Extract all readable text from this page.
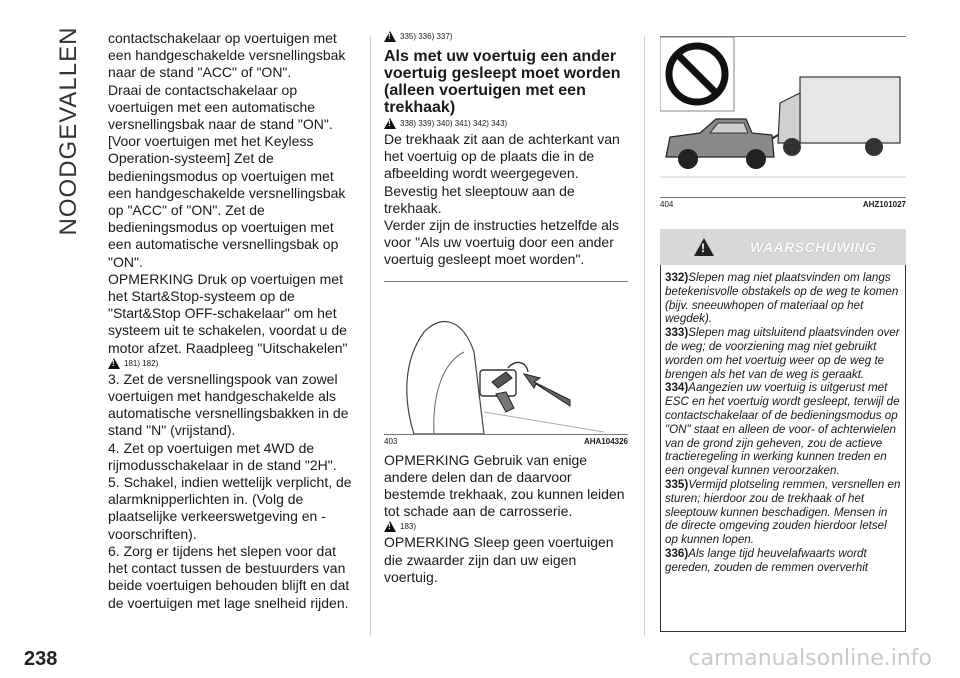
NOODGEVALLEN contactschakelaar op voertuigen met een handgeschakelde versnellingsbak naar de stand "ACC" of "ON".

Draai de contactschakelaar op voertuigen met een automatische versnellingsbak naar de stand "ON". [Voor voertuigen met het Keyless Operation-systeem] Zet de bedieningsmodus op voertuigen met een handgeschakelde versnellingsbak op "ACC" of "ON". Zet de bedieningsmodus op voertuigen met een automatische versnellingsbak op "ON".

OPMERKING Druk op voertuigen met het Start&Stop-systeem op de "Start&Stop OFF-schakelaar" om het systeem uit te schakelen, voordat u de motor afzet. Raadpleeg "Uitschakelen"

!
181) 182)

3. Zet de versnellingspook van zowel voertuigen met handgeschakelde als automatische versnellingsbakken in de stand "N" (vrijstand).

4. Zet op voertuigen met 4WD de rijmodusschakelaar in de stand "2H".

5. Schakel, indien wettelijk verplicht, de alarmknipperlichten in. (Volg de plaatselijke verkeerswetgeving en -voorschriften).

6. Zorg er tijdens het slepen voor dat het contact tussen de bestuurders van beide voertuigen behouden blijft en dat de voertuigen met lage snelheid rijden.

!
335) 336) 337)
Als met uw voertuig een ander voertuig gesleept moet worden (alleen voertuigen met een trekhaak)
!
338) 339) 340) 341) 342) 343)

De trekhaak zit aan de achterkant van het voertuig op de plaats die in de afbeelding wordt weergegeven.

Bevestig het sleeptouw aan de trekhaak.

Verder zijn de instructies hetzelfde als voor "Als uw voertuig door een ander voertuig gesleept moet worden".

403	AHA104326

OPMERKING Gebruik van enige andere delen dan de daarvoor bestemde trekhaak, zou kunnen leiden tot schade aan de carrosserie.

!
183)

OPMERKING Sleep geen voertuigen die zwaarder zijn dan uw eigen voertuig.

404	AHZ101027
!
WAARSCHUWING

332)Slepen mag niet plaatsvinden om langs betekenisvolle obstakels op de weg te komen (bijv. sneeuwhopen of materiaal op het wegdek).

333)Slepen mag uitsluitend plaatsvinden over de weg; de voorziening mag niet gebruikt worden om het voertuig weer op de weg te brengen als het van de weg is geraakt.

334)Aangezien uw voertuig is uitgerust met ESC en het voertuig wordt gesleept, terwijl de contactschakelaar of de bedieningsmodus op "ON" staat en alleen de voor- of achterwielen van de grond zijn geheven, zou de actieve tractieregeling in werking kunnen treden en een ongeval kunnen veroorzaken.

335)Vermijd plotseling remmen, versnellen en sturen; hierdoor zou de trekhaak of het sleeptouw kunnen beschadigen. Mensen in de directe omgeving zouden hierdoor letsel op kunnen lopen.

336)Als lange tijd heuvelafwaarts wordt gereden, zouden de remmen oververhit

238	carmanualsonline.info
